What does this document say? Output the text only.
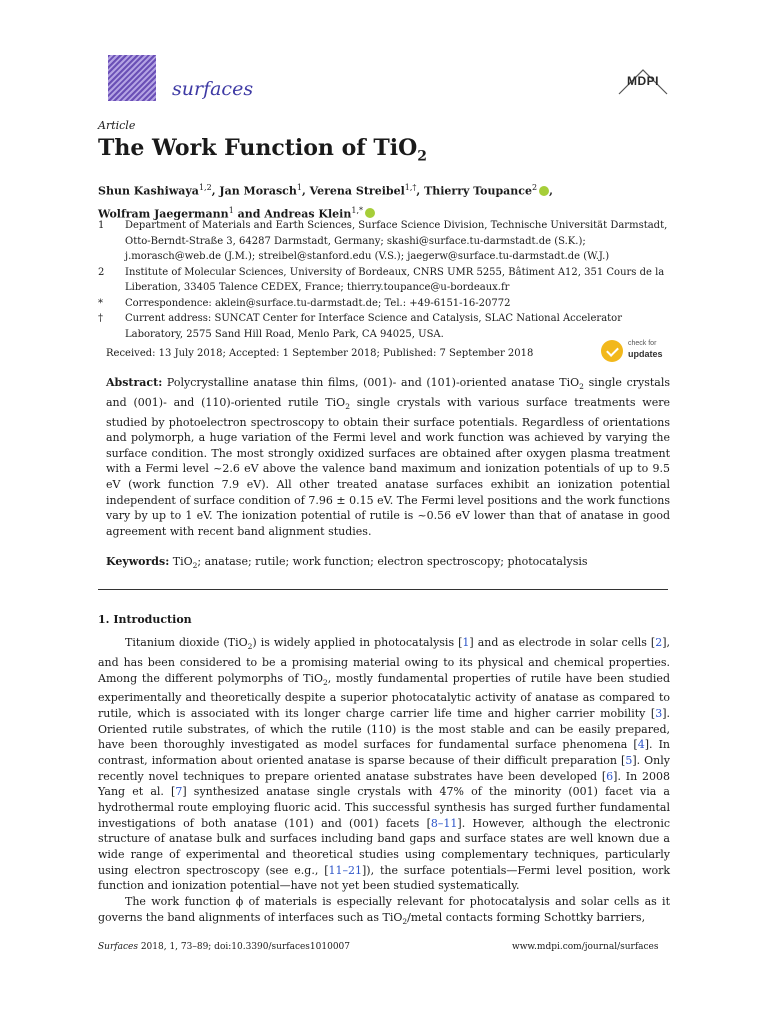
surfaces	MDPI
Article
The Work Function of TiO$_2$
Shun Kashiwaya$^{1,2}$, Jan Morasch$^1$, Verena Streibel$^{1,\dagger}$, Thierry Toupance$^2$ ,
Wolfram Jaegermann$^1$ and Andreas Klein$^{1,*}$
1	Department of Materials and Earth Sciences, Surface Science Division, Technische Universität Darmstadt, Otto-Berndt-Straße 3, 64287 Darmstadt, Germany; skashi@surface.tu-darmstadt.de (S.K.); j.morasch@web.de (J.M.); streibel@stanford.edu (V.S.); jaegerw@surface.tu-darmstadt.de (W.J.)
2	Institute of Molecular Sciences, University of Bordeaux, CNRS UMR 5255, Bâtiment A12, 351 Cours de la Liberation, 33405 Talence CEDEX, France; thierry.toupance@u-bordeaux.fr
*	Correspondence: aklein@surface.tu-darmstadt.de; Tel.: +49-6151-16-20772
†	Current address: SUNCAT Center for Interface Science and Catalysis, SLAC National Accelerator Laboratory, 2575 Sand Hill Road, Menlo Park, CA 94025, USA.
Received: 13 July 2018; Accepted: 1 September 2018; Published: 7 September 2018
check for
updates
Abstract: Polycrystalline anatase thin films, (001)- and (101)-oriented anatase TiO$_2$ single crystals and (001)- and (110)-oriented rutile TiO$_2$ single crystals with various surface treatments were studied by photoelectron spectroscopy to obtain their surface potentials. Regardless of orientations and polymorph, a huge variation of the Fermi level and work function was achieved by varying the surface condition. The most strongly oxidized surfaces are obtained after oxygen plasma treatment with a Fermi level ~2.6 eV above the valence band maximum and ionization potentials of up to 9.5 eV (work function 7.9 eV). All other treated anatase surfaces exhibit an ionization potential independent of surface condition of 7.96 ± 0.15 eV. The Fermi level positions and the work functions vary by up to 1 eV. The ionization potential of rutile is ~0.56 eV lower than that of anatase in good agreement with recent band alignment studies.
Keywords: TiO$_2$; anatase; rutile; work function; electron spectroscopy; photocatalysis
1. Introduction

Titanium dioxide (TiO$_2$) is widely applied in photocatalysis [1] and as electrode in solar cells [2], and has been considered to be a promising material owing to its physical and chemical properties. Among the different polymorphs of TiO$_2$, mostly fundamental properties of rutile have been studied experimentally and theoretically despite a superior photocatalytic activity of anatase as compared to rutile, which is associated with its longer charge carrier life time and higher carrier mobility [3]. Oriented rutile substrates, of which the rutile (110) is the most stable and can be easily prepared, have been thoroughly investigated as model surfaces for fundamental surface phenomena [4]. In contrast, information about oriented anatase is sparse because of their difficult preparation [5]. Only recently novel techniques to prepare oriented anatase substrates have been developed [6]. In 2008 Yang et al. [7] synthesized anatase single crystals with 47% of the minority (001) facet via a hydrothermal route employing fluoric acid. This successful synthesis has surged further fundamental investigations of both anatase (101) and (001) facets [8–11]. However, although the electronic structure of anatase bulk and surfaces including band gaps and surface states are well known due a wide range of experimental and theoretical studies using complementary techniques, particularly using electron spectroscopy (see e.g., [11–21]), the surface potentials—Fermi level position, work function and ionization potential—have not yet been studied systematically.

The work function ϕ of materials is especially relevant for photocatalysis and solar cells as it governs the band alignments of interfaces such as TiO$_2$/metal contacts forming Schottky barriers,

Surfaces 2018, 1, 73–89; doi:10.3390/surfaces1010007	www.mdpi.com/journal/surfaces
